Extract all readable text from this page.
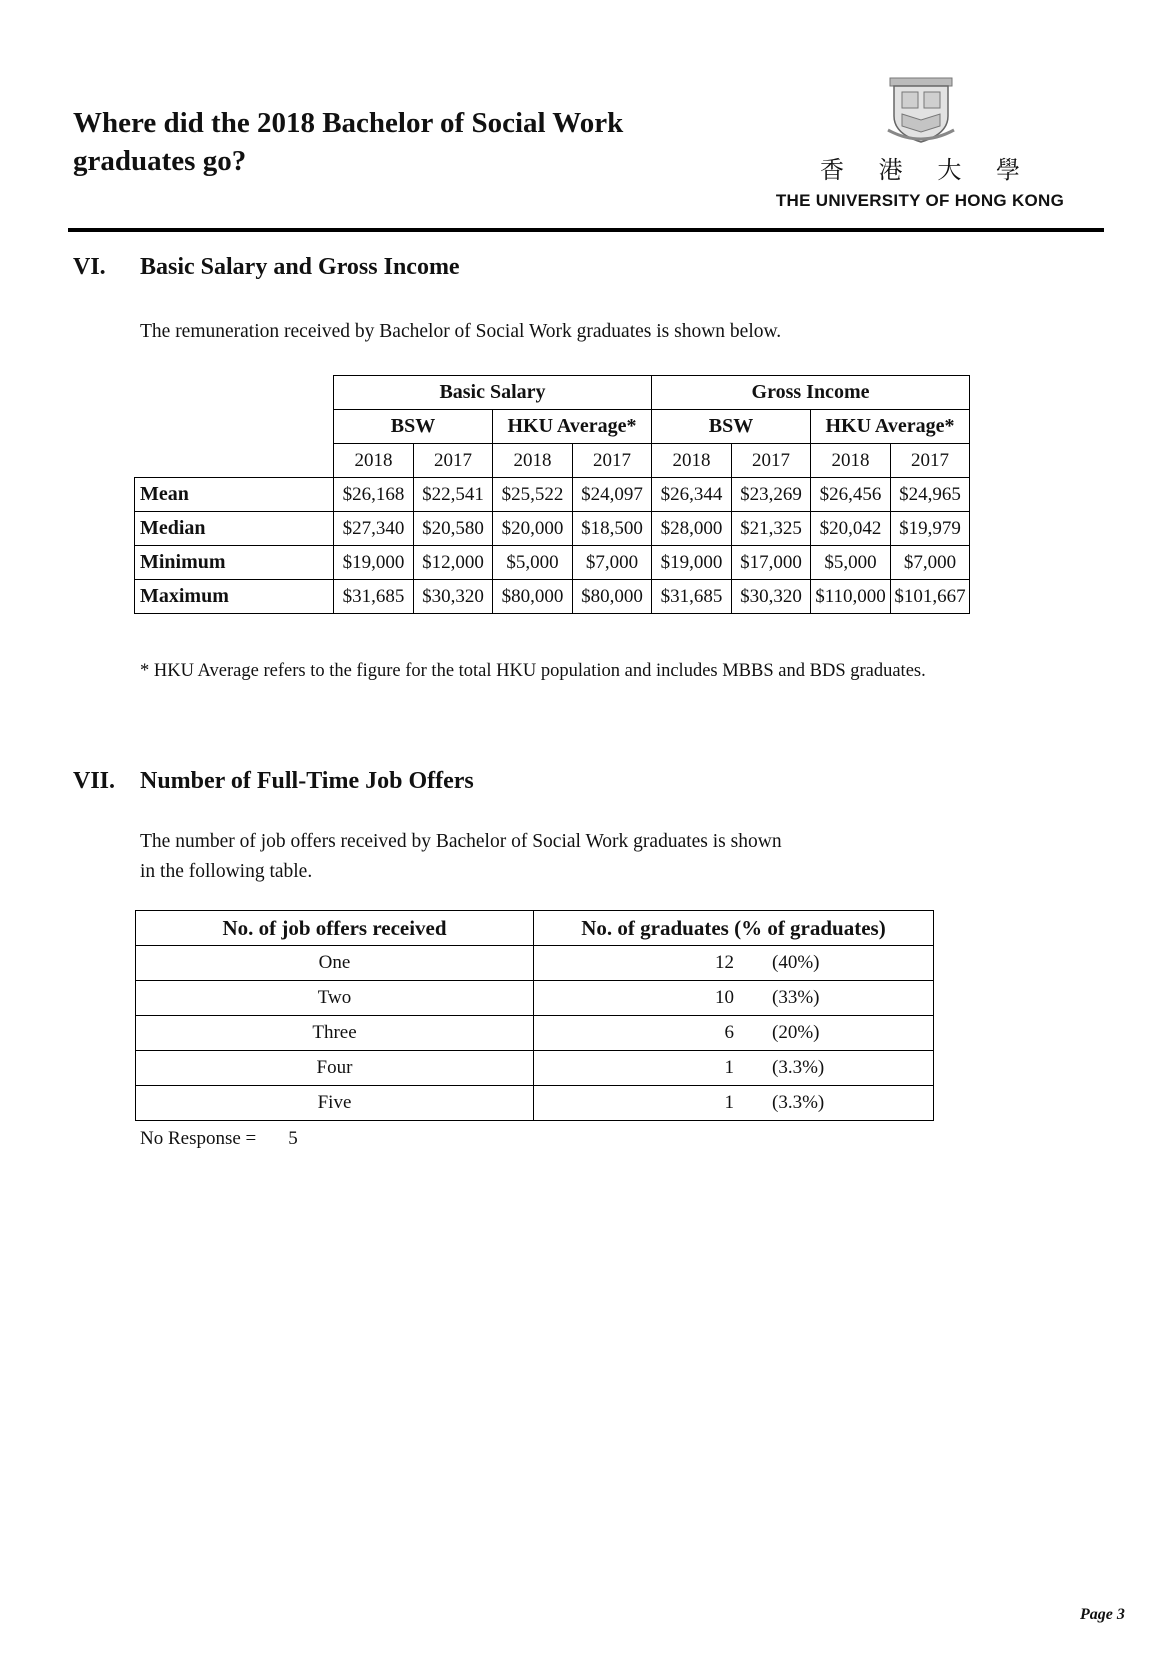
Where did the 2018 Bachelor of Social Work graduates go?	香 港 大 學
THE UNIVERSITY OF HONG KONG
VI. Basic Salary and Gross Income
The remuneration received by Bachelor of Social Work graduates is shown below.
	Basic Salary				Gross Income			
	BSW		HKU Average*		BSW		HKU Average*	
	2018	2017	2018	2017	2018	2017	2018	2017
Mean	$26,168	$22,541	$25,522	$24,097	$26,344	$23,269	$26,456	$24,965
Median	$27,340	$20,580	$20,000	$18,500	$28,000	$21,325	$20,042	$19,979
Minimum	$19,000	$12,000	$5,000	$7,000	$19,000	$17,000	$5,000	$7,000
Maximum	$31,685	$30,320	$80,000	$80,000	$31,685	$30,320	$110,000	$101,667
* HKU Average refers to the figure for the total HKU population and includes MBBS and BDS graduates.
VII. Number of Full-Time Job Offers
The number of job offers received by Bachelor of Social Work graduates is shown
in the following table.
No. of job offers received	No. of graduates (% of graduates)
One	12 (40%)
Two	10 (33%)
Three	6 (20%)
Four	1 (3.3%)
Five	1 (3.3%)
No Response = 5
Page 3
